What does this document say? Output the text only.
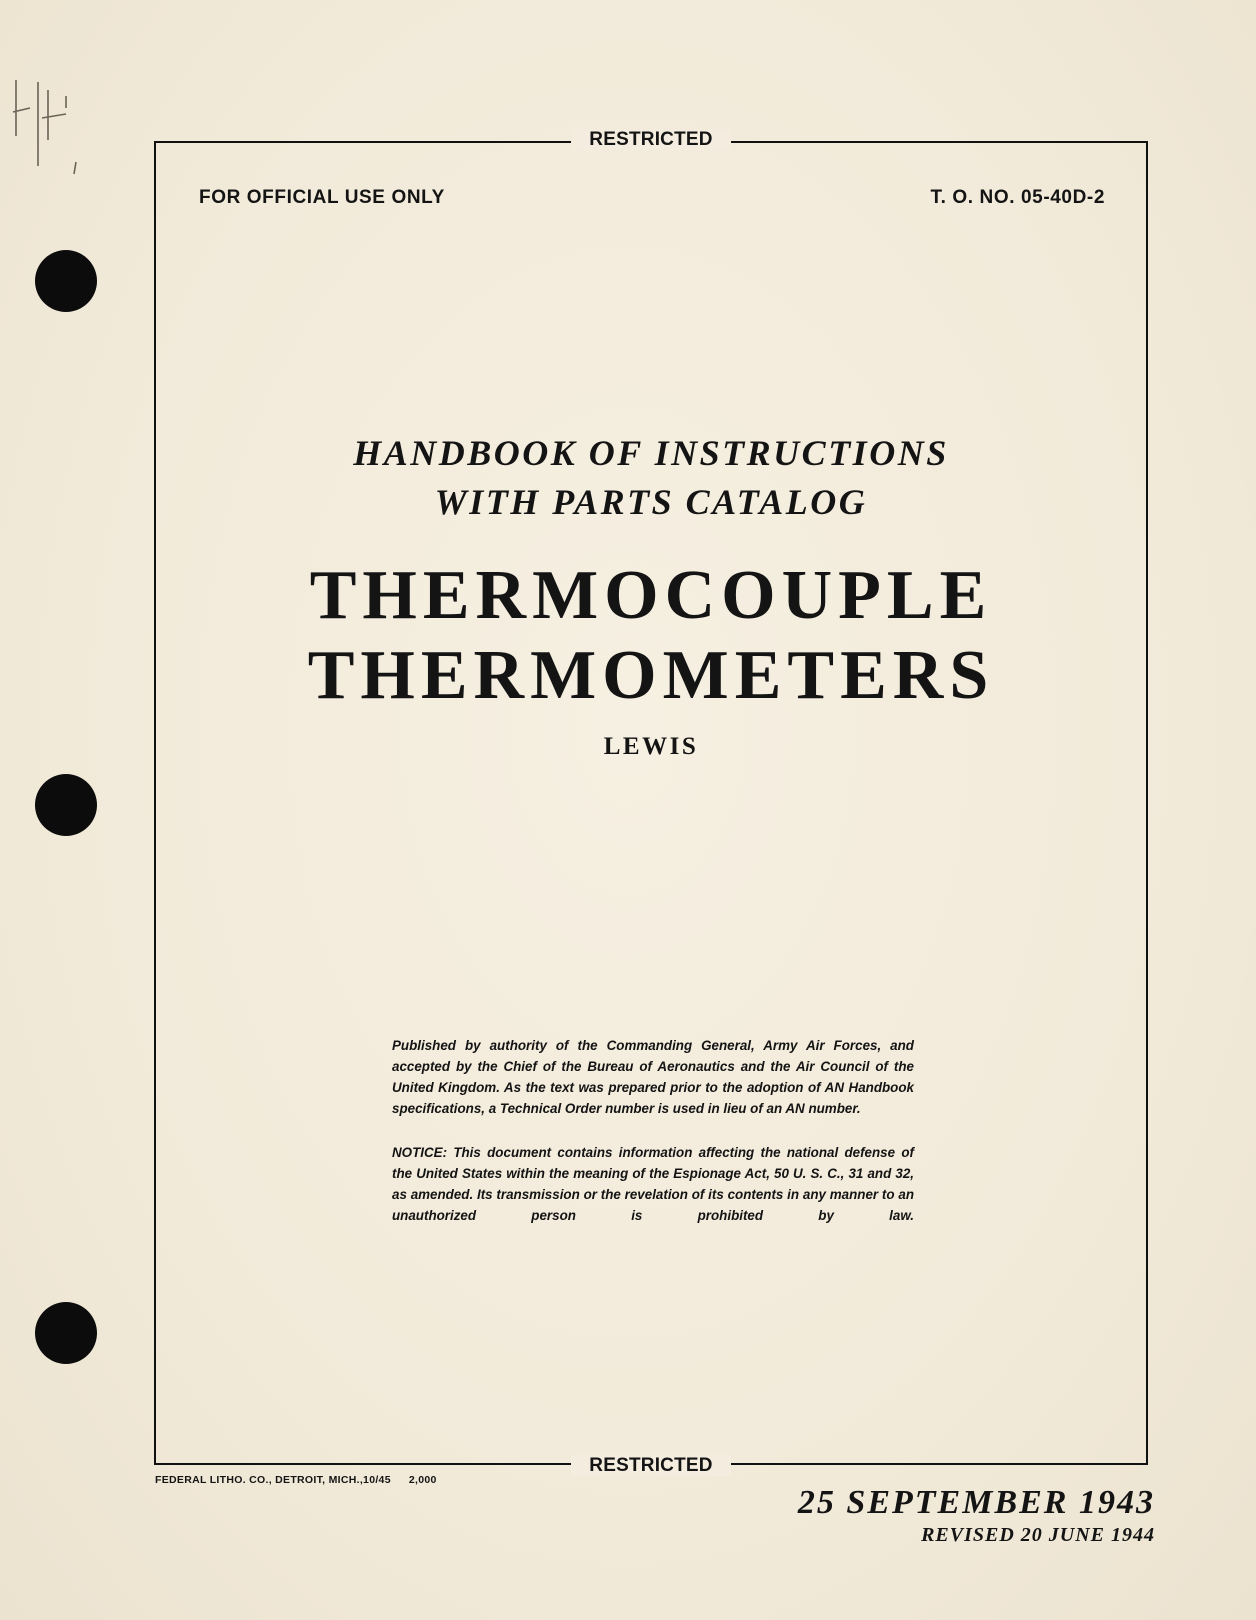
RESTRICTED
FOR OFFICIAL USE ONLY	T. O. NO. 05-40D-2
HANDBOOK OF INSTRUCTIONS
WITH PARTS CATALOG
THERMOCOUPLE
THERMOMETERS
LEWIS
Published by authority of the Commanding General, Army Air Forces, and accepted by the Chief of the Bureau of Aeronautics and the Air Council of the United Kingdom. As the text was prepared prior to the adoption of AN Handbook specifications, a Technical Order number is used in lieu of an AN number.
NOTICE: This document contains information affecting the national defense of the United States within the meaning of the Espionage Act, 50 U. S. C., 31 and 32, as amended. Its transmission or the revelation of its contents in any manner to an unauthorized person is prohibited by law.
RESTRICTED
FEDERAL LITHO. CO., DETROIT, MICH.,10/45 2,000
25 SEPTEMBER 1943
REVISED 20 JUNE 1944
